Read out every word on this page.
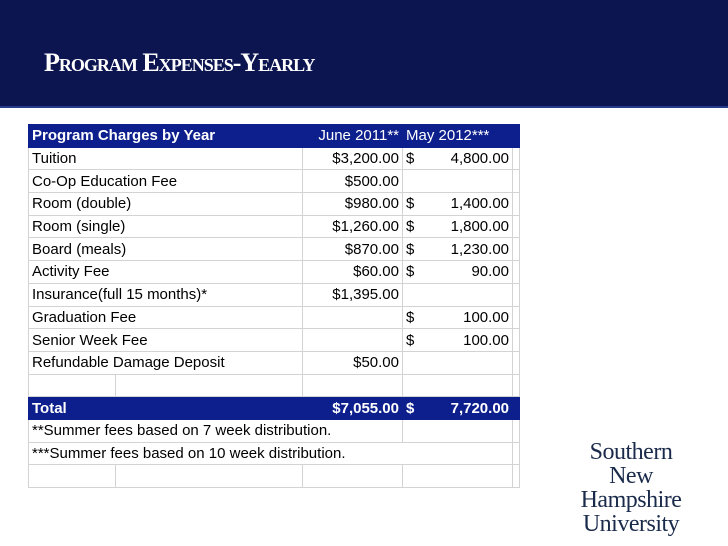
Program Expenses-Yearly
Program Charges by Year		June 2011**	May 2012***	
Tuition		$3,200.00	$ 4,800.00	

Co-Op Education Fee		$500.00	

Room (double)		$980.00	$ 1,400.00	

Room (single)		$1,260.00	$ 1,800.00	

Board (meals)		$870.00	$ 1,230.00	

Activity Fee		$60.00	$ 90.00	

Insurance(full 15 months)*		$1,395.00	

Graduation Fee			$ 100.00	

Senior Week Fee			$ 100.00	

Refundable Damage Deposit		$50.00	

Total		$7,055.00	$ 7,720.00	

**Summer fees based on 7 week distribution.				
***Summer fees based on 10 week distribution.				
					Southern
New Hampshire
University
